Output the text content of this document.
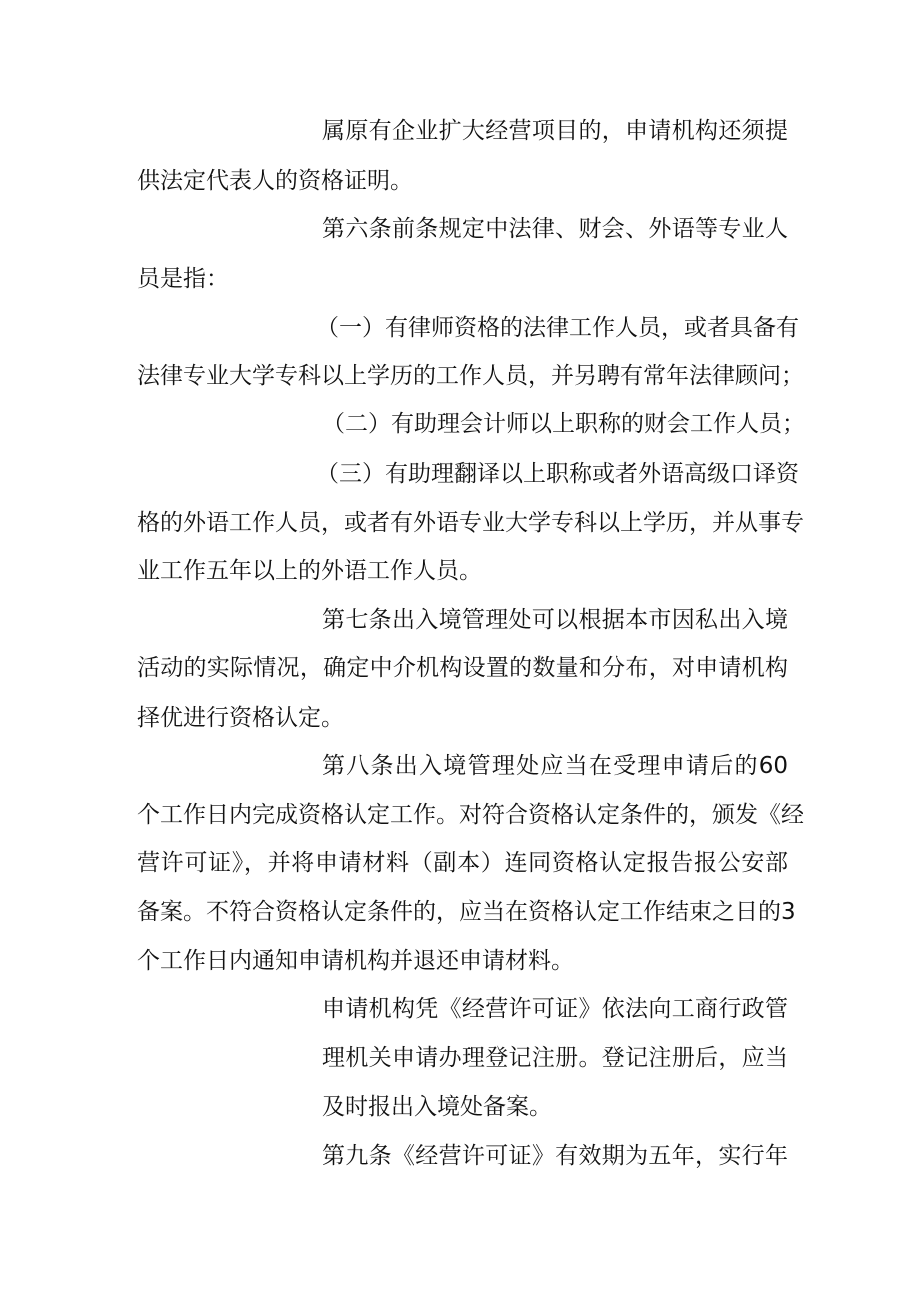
属原有企业扩大经营项目的，申请机构还须提

供法定代表人的资格证明。

第六条前条规定中法律、财会、外语等专业人

员是指：

（一）有律师资格的法律工作人员，或者具备有

法律专业大学专科以上学历的工作人员，并另聘有常年法律顾问；

（二）有助理会计师以上职称的财会工作人员；

（三）有助理翻译以上职称或者外语高级口译资

格的外语工作人员，或者有外语专业大学专科以上学历，并从事专

业工作五年以上的外语工作人员。

第七条出入境管理处可以根据本市因私出入境

活动的实际情况，确定中介机构设置的数量和分布，对申请机构

择优进行资格认定。

第八条出入境管理处应当在受理申请后的60

个工作日内完成资格认定工作。对符合资格认定条件的，颁发《经

营许可证》，并将申请材料（副本）连同资格认定报告报公安部

备案。不符合资格认定条件的，应当在资格认定工作结束之日的3

个工作日内通知申请机构并退还申请材料。

申请机构凭《经营许可证》依法向工商行政管

理机关申请办理登记注册。登记注册后，应当

及时报出入境处备案。

第九条《经营许可证》有效期为五年，实行年
